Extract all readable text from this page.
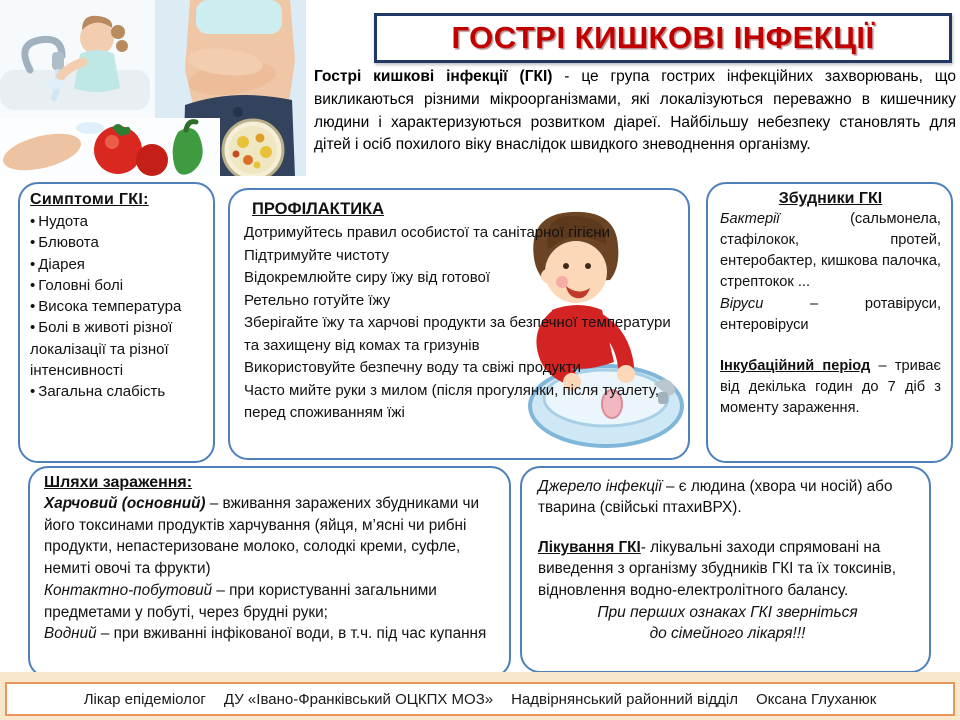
ГОСТРІ КИШКОВІ ІНФЕКЦІЇ

Гострі кишкові інфекції (ГКІ) - це група гострих інфекційних захворювань, що викликаються різними мікроорганізмами, які локалізуються переважно в кишечнику людини і характеризуються розвитком діареї. Найбільшу небезпеку становлять для дітей і осіб похилого віку внаслідок швидкого зневоднення організму.

Симптоми ГКІ:
• Нудота
• Блювота
• Діарея
• Головні болі
• Висока температура
• Болі в животі різної локалізації та різної інтенсивності
• Загальна слабість
ПРОФІЛАКТИКА
Дотримуйтесь правил особистої та санітарної гігієни
Підтримуйте чистоту
Відокремлюйте сиру їжу від готової
Ретельно готуйте їжу
Зберігайте їжу та харчові продукти за безпечної температури та захищену від комах та гризунів
Використовуйте безпечну воду та свіжі продукти
Часто мийте руки з милом (після прогулянки, після туалету, перед споживанням їжі
Збудники ГКІ

Бактерії (сальмонела, стафілокок, протей, ентеробактер, кишкова палочка, стрептокок ...

Віруси – ротавіруси, ентеровіруси

Інкубаційний період – триває від декілька годин до 7 діб з моменту зараження.

Шляхи зараження:

Харчовий (основний) – вживання заражених збудниками чи його токсинами продуктів харчування (яйця, м’ясні чи рибні продукти, непастеризоване молоко, солодкі креми, суфле, немиті овочі та фрукти)

Контактно-побутовий – при користуванні загальними предметами у побуті, через брудні руки;

Водний – при вживанні інфікованої води, в т.ч. під час купання

Джерело інфекції – є людина (хвора чи носій) або тварина (свійські птахиВРХ).

Лікування ГКІ- лікувальні заходи спрямовані на виведення з організму збудників ГКІ та їх токсинів, відновлення водно-електролітного балансу.

При перших ознаках ГКІ зверніться
до сімейного лікаря!!!
Лікар епідеміолог ДУ «Івано-Франківський ОЦКПХ МОЗ» Надвірнянський районний відділ Оксана Глуханюк
